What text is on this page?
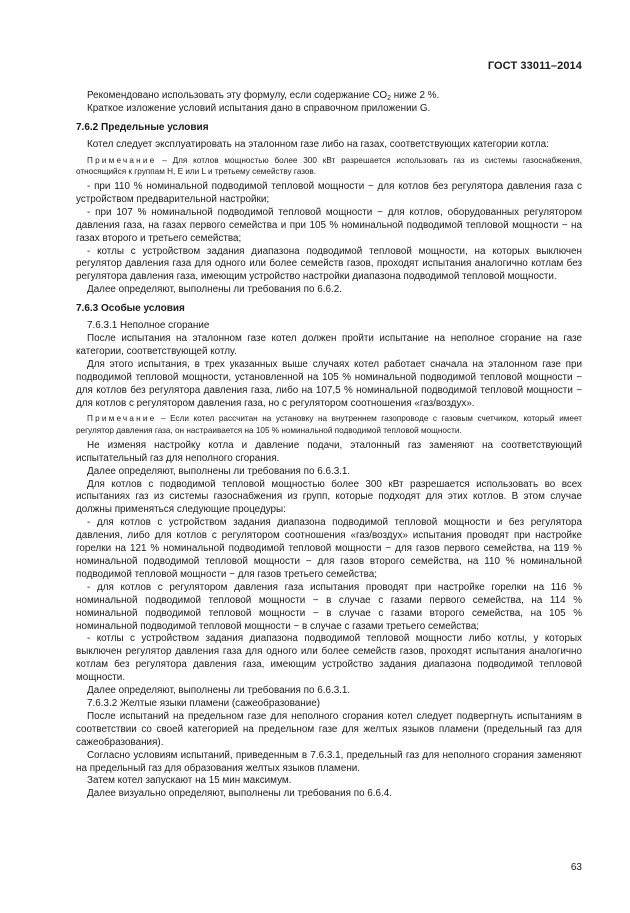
ГОСТ 33011–2014

Рекомендовано использовать эту формулу, если содержание $СО_2$ ниже 2 %.

Краткое изложение условий испытания дано в справочном приложении G.

7.6.2 Предельные условия

Котел следует эксплуатировать на эталонном газе либо на газах, соответствующих категории котла:

Примечание – Для котлов мощностью более 300 кВт разрешается использовать газ из системы газоснабжения, относящийся к группам H, E или L и третьему семейству газов.

- при 110 % номинальной подводимой тепловой мощности − для котлов без регулятора давления газа с устройством предварительной настройки;

- при 107 % номинальной подводимой тепловой мощности − для котлов, оборудованных регулятором давления газа, на газах первого семейства и при 105 % номинальной подводимой тепловой мощности − на газах второго и третьего семейства;

- котлы с устройством задания диапазона подводимой тепловой мощности, на которых выключен регулятор давления газа для одного или более семейств газов, проходят испытания аналогично котлам без регулятора давления газа, имеющим устройство настройки диапазона подводимой тепловой мощности.

Далее определяют, выполнены ли требования по 6.6.2.

7.6.3 Особые условия

7.6.3.1 Неполное сгорание

После испытания на эталонном газе котел должен пройти испытание на неполное сгорание на газе категории, соответствующей котлу.

Для этого испытания, в трех указанных выше случаях котел работает сначала на эталонном газе при подводимой тепловой мощности, установленной на 105 % номинальной подводимой тепловой мощности − для котлов без регулятора давления газа, либо на 107,5 % номинальной подводимой тепловой мощности − для котлов с регулятором давления газа, но с регулятором соотношения «газ/воздух».

Примечание – Если котел рассчитан на установку на внутреннем газопроводе с газовым счетчиком, который имеет регулятор давления газа, он настраивается на 105 % номинальной подводимой тепловой мощности.

Не изменяя настройку котла и давление подачи, эталонный газ заменяют на соответствующий испытательный газ для неполного сгорания.

Далее определяют, выполнены ли требования по 6.6.3.1.

Для котлов с подводимой тепловой мощностью более 300 кВт разрешается использовать во всех испытаниях газ из системы газоснабжения из групп, которые подходят для этих котлов. В этом случае должны применяться следующие процедуры:

- для котлов с устройством задания диапазона подводимой тепловой мощности и без регулятора давления, либо для котлов с регулятором соотношения «газ/воздух» испытания проводят при настройке горелки на 121 % номинальной подводимой тепловой мощности − для газов первого семейства, на 119 % номинальной подводимой тепловой мощности − для газов второго семейства, на 110 % номинальной подводимой тепловой мощности − для газов третьего семейства;

- для котлов с регулятором давления газа испытания проводят при настройке горелки на 116 % номинальной подводимой тепловой мощности − в случае с газами первого семейства, на 114 % номинальной подводимой тепловой мощности − в случае с газами второго семейства, на 105 % номинальной подводимой тепловой мощности − в случае с газами третьего семейства;

- котлы с устройством задания диапазона подводимой тепловой мощности либо котлы, у которых выключен регулятор давления газа для одного или более семейств газов, проходят испытания аналогично котлам без регулятора давления газа, имеющим устройство задания диапазона подводимой тепловой мощности.

Далее определяют, выполнены ли требования по 6.6.3.1.

7.6.3.2 Желтые языки пламени (сажеобразование)

После испытаний на предельном газе для неполного сгорания котел следует подвергнуть испытаниям в соответствии со своей категорией на предельном газе для желтых языков пламени (предельный газ для сажеобразования).

Согласно условиям испытаний, приведенным в 7.6.3.1, предельный газ для неполного сгорания заменяют на предельный газ для образования желтых языков пламени.

Затем котел запускают на 15 мин максимум.

Далее визуально определяют, выполнены ли требования по 6.6.4.

63
